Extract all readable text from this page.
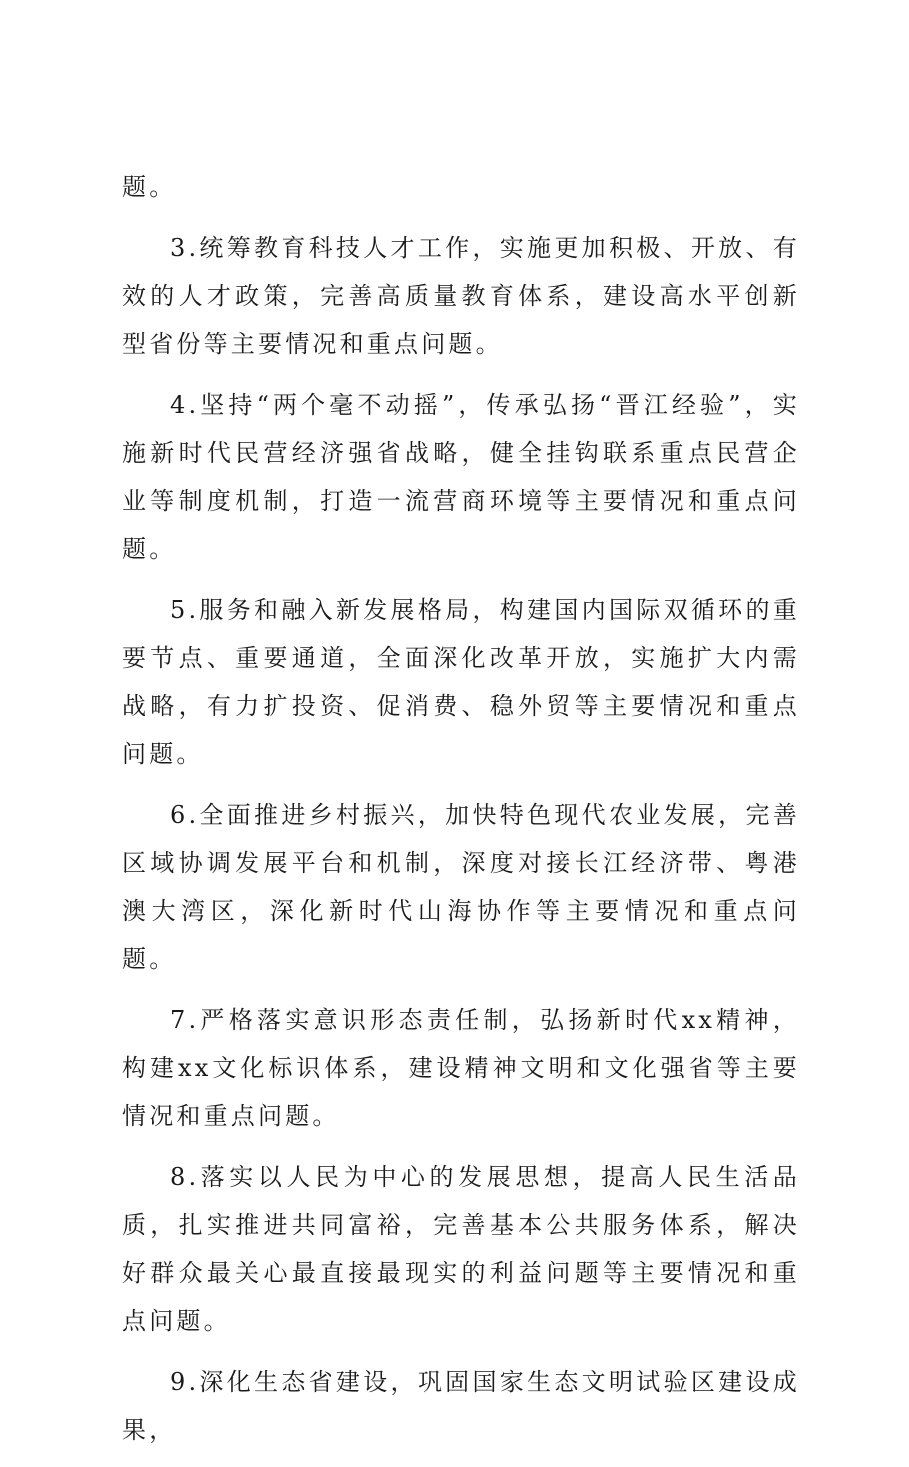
题。

3.统筹教育科技人才工作，实施更加积极、开放、有效的人才政策，完善高质量教育体系，建设高水平创新型省份等主要情况和重点问题。

4.坚持“两个毫不动摇”，传承弘扬“晋江经验”，实施新时代民营经济强省战略，健全挂钩联系重点民营企业等制度机制，打造一流营商环境等主要情况和重点问题。

5.服务和融入新发展格局，构建国内国际双循环的重要节点、重要通道，全面深化改革开放，实施扩大内需战略，有力扩投资、促消费、稳外贸等主要情况和重点问题。

6.全面推进乡村振兴，加快特色现代农业发展，完善区域协调发展平台和机制，深度对接长江经济带、粤港澳大湾区，深化新时代山海协作等主要情况和重点问题。

7.严格落实意识形态责任制，弘扬新时代xx精神，构建xx文化标识体系，建设精神文明和文化强省等主要情况和重点问题。

8.落实以人民为中心的发展思想，提高人民生活品质，扎实推进共同富裕，完善基本公共服务体系，解决好群众最关心最直接最现实的利益问题等主要情况和重点问题。

9.深化生态省建设，巩固国家生态文明试验区建设成果，
